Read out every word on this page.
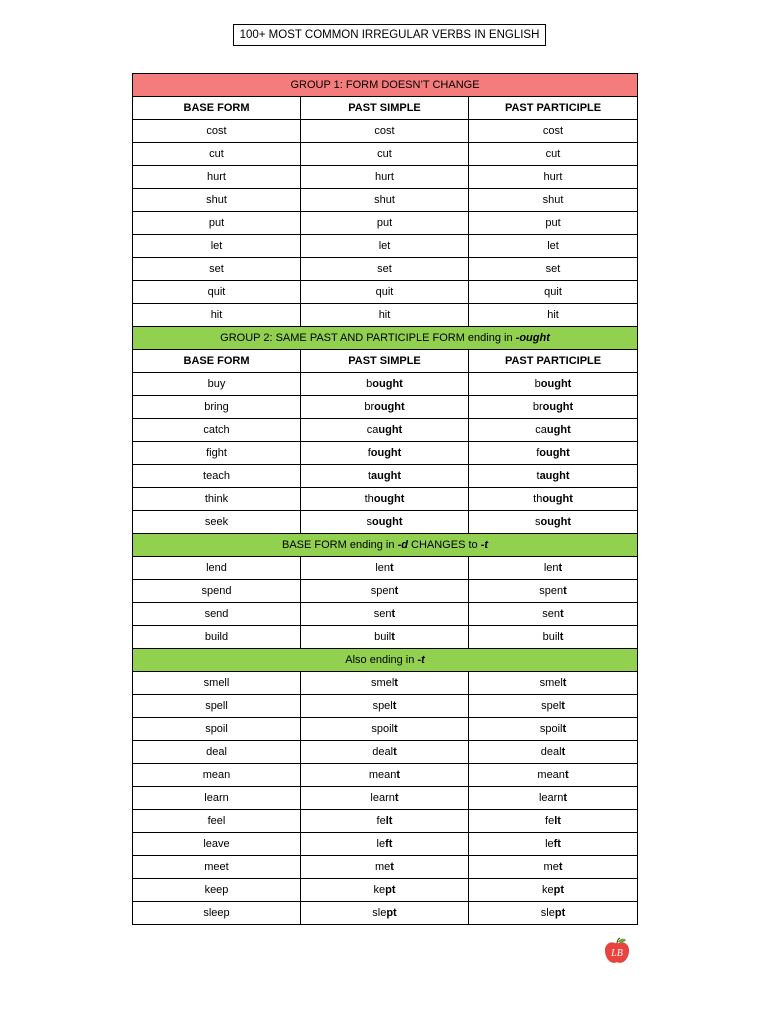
100+ MOST COMMON IRREGULAR VERBS IN ENGLISH
GROUP 1: FORM DOESN’T CHANGE		
BASE FORM	PAST SIMPLE	PAST PARTICIPLE
cost	cost	cost
cut	cut	cut
hurt	hurt	hurt
shut	shut	shut
put	put	put
let	let	let
set	set	set
quit	quit	quit
hit	hit	hit
GROUP 2: SAME PAST AND PARTICIPLE FORM ending in -ought		
BASE FORM	PAST SIMPLE	PAST PARTICIPLE
buy	bought	bought
bring	brought	brought
catch	caught	caught
fight	fought	fought
teach	taught	taught
think	thought	thought
seek	sought	sought
BASE FORM ending in -d CHANGES to -t		
lend	lent	lent
spend	spent	spent
send	sent	sent
build	built	built
Also ending in -t		
smell	smelt	smelt
spell	spelt	spelt
spoil	spoilt	spoilt
deal	dealt	dealt
mean	meant	meant
learn	learnt	learnt
feel	felt	felt
leave	left	left
meet	met	met
keep	kept	kept
sleep	slept	slept
LB
